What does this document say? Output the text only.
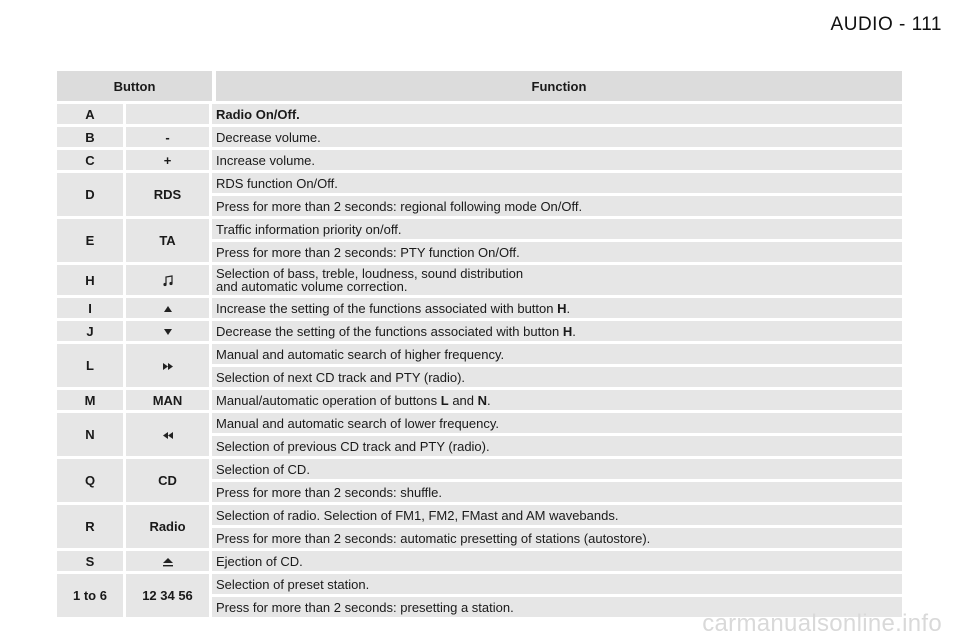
AUDIO - 111
Button		Function
A		Radio On/Off.
B	-	Decrease volume.
C	+	Increase volume.
D	RDS	RDS function On/Off.
		Press for more than 2 seconds: regional following mode On/Off.
E	TA	Traffic information priority on/off.
		Press for more than 2 seconds: PTY function On/Off.
H		Selection of bass, treble, loudness, sound distribution
and automatic volume correction.
I		Increase the setting of the functions associated with button H.
J		Decrease the setting of the functions associated with button H.
L		Manual and automatic search of higher frequency.
		Selection of next CD track and PTY (radio).
M	MAN	Manual/automatic operation of buttons L and N.
N		Manual and automatic search of lower frequency.
		Selection of previous CD track and PTY (radio).
Q	CD	Selection of CD.
		Press for more than 2 seconds: shuffle.
R	Radio	Selection of radio. Selection of FM1, FM2, FMast and AM wavebands.
		Press for more than 2 seconds: automatic presetting of stations (autostore).
S		Ejection of CD.
1 to 6	12 34 56	Selection of preset station.
		Press for more than 2 seconds: presetting a station.
carmanualsonline.info
